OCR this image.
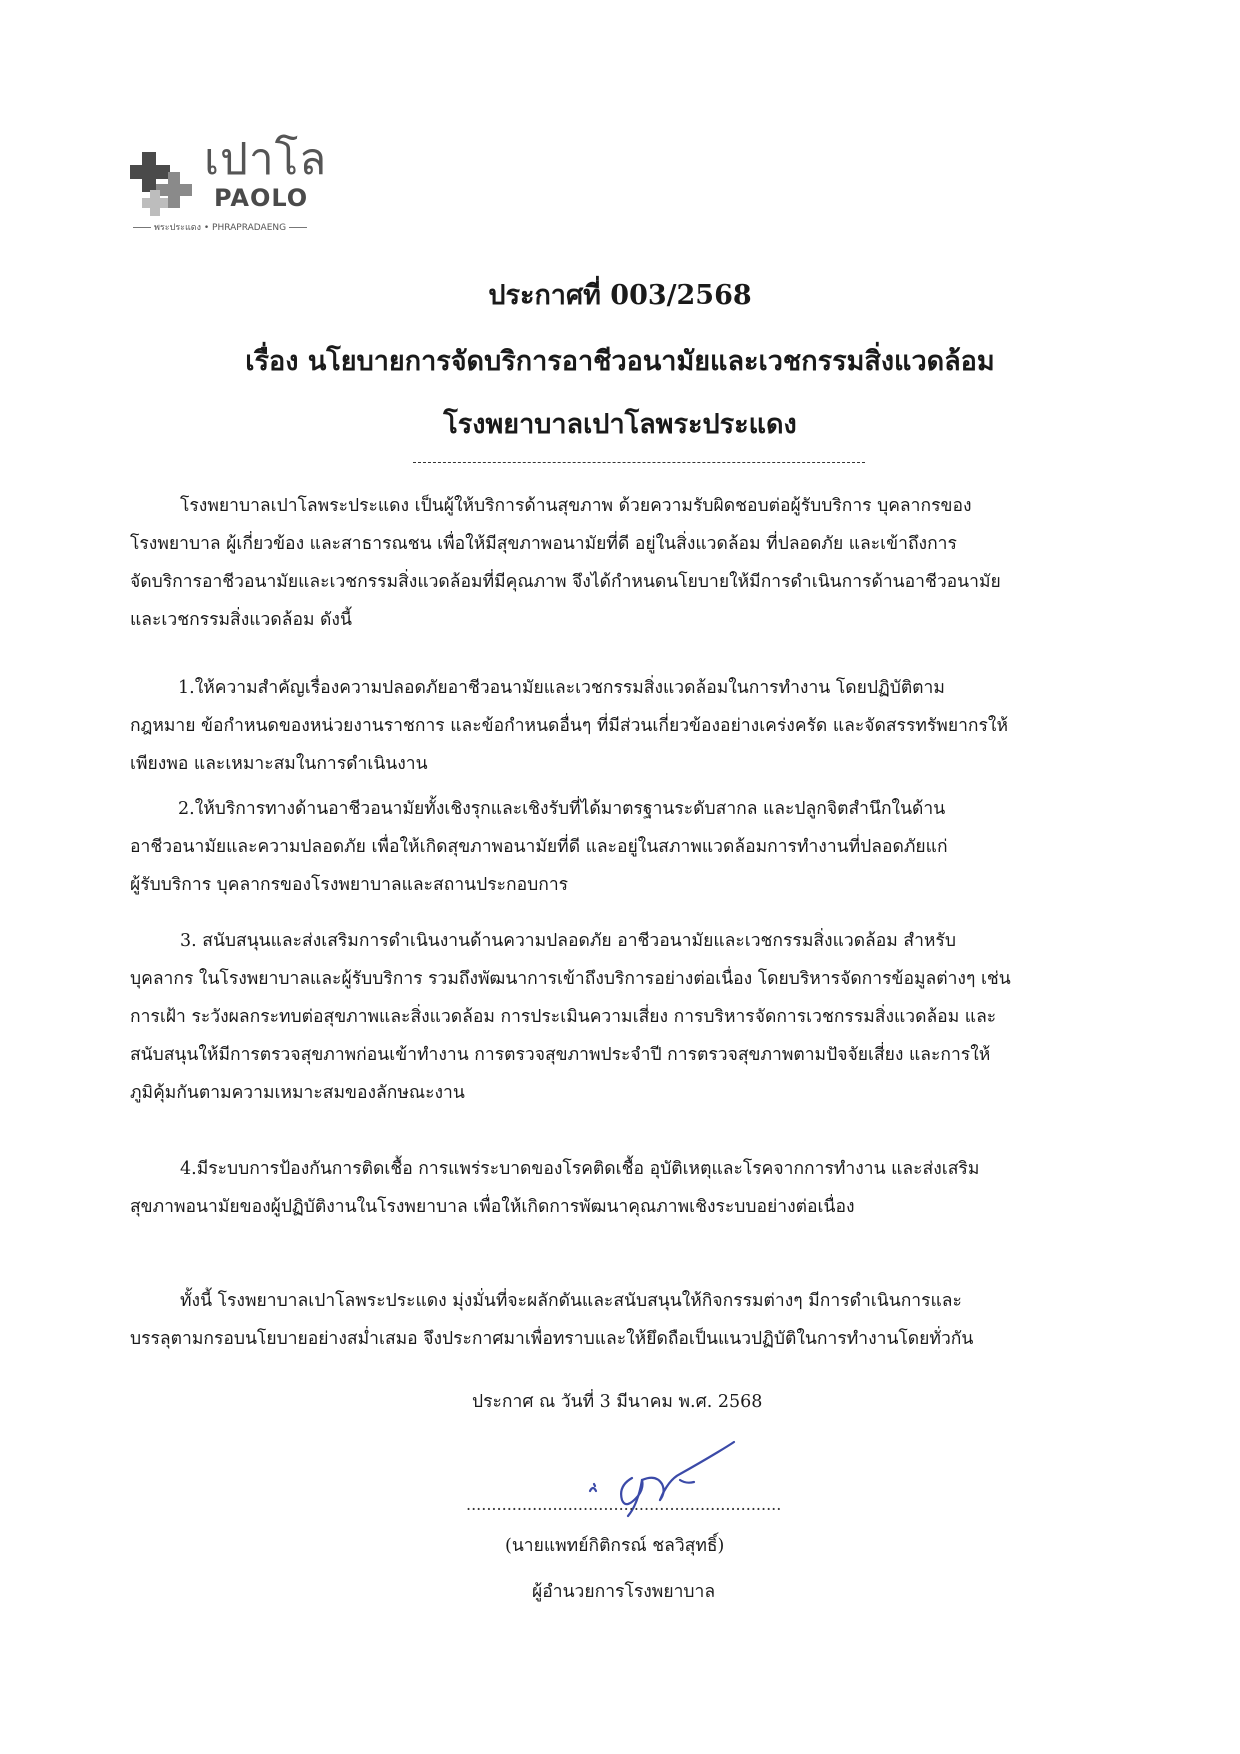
เปาโล
PAOLO
พระประแดง • PHRAPRADAENG
ประกาศที่ 003/2568
เรื่อง นโยบายการจัดบริการอาชีวอนามัยและเวชกรรมสิ่งแวดล้อม
โรงพยาบาลเปาโลพระประแดง
โรงพยาบาลเปาโลพระประแดง เป็นผู้ให้บริการด้านสุขภาพ ด้วยความรับผิดชอบต่อผู้รับบริการ บุคลากรของ
โรงพยาบาล ผู้เกี่ยวข้อง และสาธารณชน เพื่อให้มีสุขภาพอนามัยที่ดี อยู่ในสิ่งแวดล้อม ที่ปลอดภัย และเข้าถึงการ
จัดบริการอาชีวอนามัยและเวชกรรมสิ่งแวดล้อมที่มีคุณภาพ จึงได้กำหนดนโยบายให้มีการดำเนินการด้านอาชีวอนามัย
และเวชกรรมสิ่งแวดล้อม ดังนี้
1.ให้ความสำคัญเรื่องความปลอดภัยอาชีวอนามัยและเวชกรรมสิ่งแวดล้อมในการทำงาน โดยปฏิบัติตาม
กฎหมาย ข้อกำหนดของหน่วยงานราชการ และข้อกำหนดอื่นๆ ที่มีส่วนเกี่ยวข้องอย่างเคร่งครัด และจัดสรรทรัพยากรให้
เพียงพอ และเหมาะสมในการดำเนินงาน
2.ให้บริการทางด้านอาชีวอนามัยทั้งเชิงรุกและเชิงรับที่ได้มาตรฐานระดับสากล และปลูกจิตสำนึกในด้าน
อาชีวอนามัยและความปลอดภัย เพื่อให้เกิดสุขภาพอนามัยที่ดี และอยู่ในสภาพแวดล้อมการทำงานที่ปลอดภัยแก่
ผู้รับบริการ บุคลากรของโรงพยาบาลและสถานประกอบการ
3. สนับสนุนและส่งเสริมการดำเนินงานด้านความปลอดภัย อาชีวอนามัยและเวชกรรมสิ่งแวดล้อม สำหรับ
บุคลากร ในโรงพยาบาลและผู้รับบริการ รวมถึงพัฒนาการเข้าถึงบริการอย่างต่อเนื่อง โดยบริหารจัดการข้อมูลต่างๆ เช่น
การเฝ้า ระวังผลกระทบต่อสุขภาพและสิ่งแวดล้อม การประเมินความเสี่ยง การบริหารจัดการเวชกรรมสิ่งแวดล้อม และ
สนับสนุนให้มีการตรวจสุขภาพก่อนเข้าทำงาน การตรวจสุขภาพประจำปี การตรวจสุขภาพตามปัจจัยเสี่ยง และการให้
ภูมิคุ้มกันตามความเหมาะสมของลักษณะงาน
4.มีระบบการป้องกันการติดเชื้อ การแพร่ระบาดของโรคติดเชื้อ อุบัติเหตุและโรคจากการทำงาน และส่งเสริม
สุขภาพอนามัยของผู้ปฏิบัติงานในโรงพยาบาล เพื่อให้เกิดการพัฒนาคุณภาพเชิงระบบอย่างต่อเนื่อง
ทั้งนี้ โรงพยาบาลเปาโลพระประแดง มุ่งมั่นที่จะผลักดันและสนับสนุนให้กิจกรรมต่างๆ มีการดำเนินการและ
บรรลุตามกรอบนโยบายอย่างสม่ำเสมอ จึงประกาศมาเพื่อทราบและให้ยึดถือเป็นแนวปฏิบัติในการทำงานโดยทั่วกัน
ประกาศ ณ วันที่ 3 มีนาคม พ.ศ. 2568
..............................................................
(นายแพทย์กิติกรณ์ ชลวิสุทธิ์)
ผู้อำนวยการโรงพยาบาล
